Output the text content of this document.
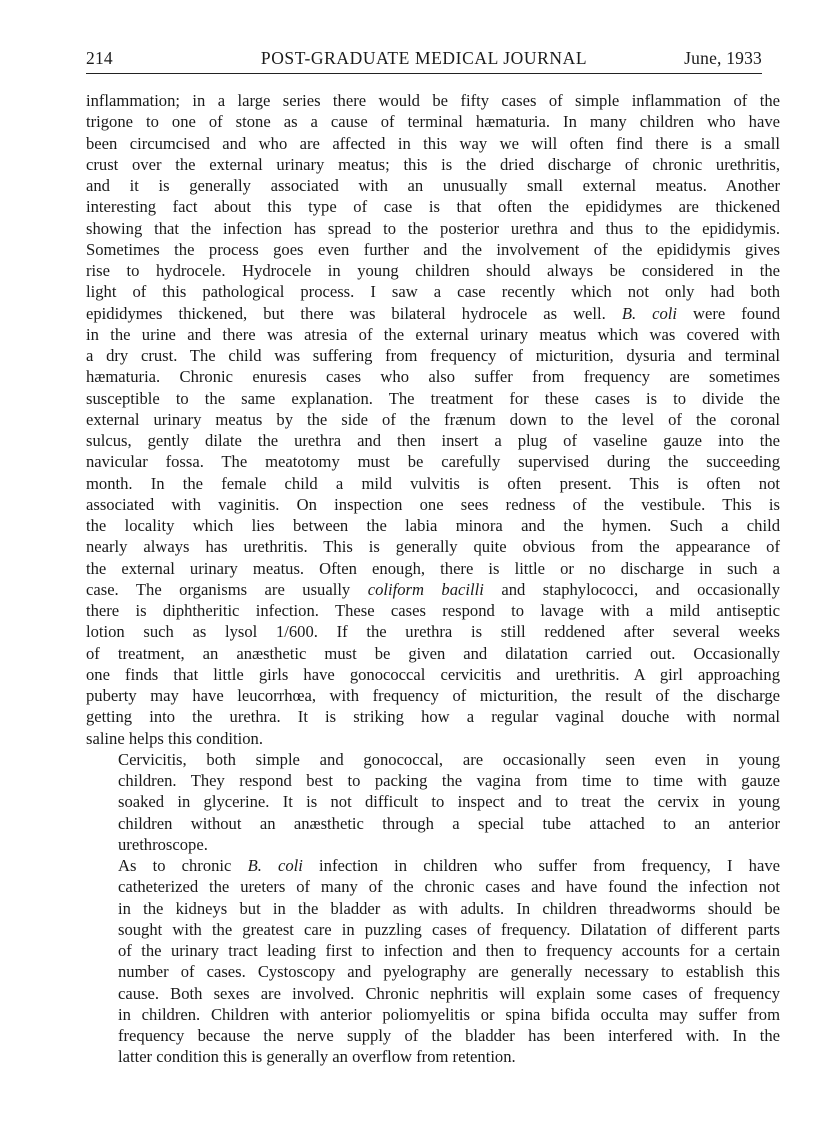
214	POST-GRADUATE MEDICAL JOURNAL	June, 1933

inflammation; in a large series there would be fifty cases of simple inflammation of the
trigone to one of stone as a cause of terminal hæmaturia. In many children who have
been circumcised and who are affected in this way we will often find there is a small
crust over the external urinary meatus; this is the dried discharge of chronic urethritis,
and it is generally associated with an unusually small external meatus. Another
interesting fact about this type of case is that often the epididymes are thickened
showing that the infection has spread to the posterior urethra and thus to the epididymis.
Sometimes the process goes even further and the involvement of the epididymis gives
rise to hydrocele. Hydrocele in young children should always be considered in the
light of this pathological process. I saw a case recently which not only had both
epididymes thickened, but there was bilateral hydrocele as well. B. coli were found
in the urine and there was atresia of the external urinary meatus which was covered with
a dry crust. The child was suffering from frequency of micturition, dysuria and terminal
hæmaturia. Chronic enuresis cases who also suffer from frequency are sometimes
susceptible to the same explanation. The treatment for these cases is to divide the
external urinary meatus by the side of the frænum down to the level of the coronal
sulcus, gently dilate the urethra and then insert a plug of vaseline gauze into the
navicular fossa. The meatotomy must be carefully supervised during the succeeding
month. In the female child a mild vulvitis is often present. This is often not
associated with vaginitis. On inspection one sees redness of the vestibule. This is
the locality which lies between the labia minora and the hymen. Such a child
nearly always has urethritis. This is generally quite obvious from the appearance of
the external urinary meatus. Often enough, there is little or no discharge in such a
case. The organisms are usually coliform bacilli and staphylococci, and occasionally
there is diphtheritic infection. These cases respond to lavage with a mild antiseptic
lotion such as lysol 1/600. If the urethra is still reddened after several weeks
of treatment, an anæsthetic must be given and dilatation carried out. Occasionally
one finds that little girls have gonococcal cervicitis and urethritis. A girl approaching
puberty may have leucorrhœa, with frequency of micturition, the result of the discharge
getting into the urethra. It is striking how a regular vaginal douche with normal
saline helps this condition.

Cervicitis, both simple and gonococcal, are occasionally seen even in young
children. They respond best to packing the vagina from time to time with gauze
soaked in glycerine. It is not difficult to inspect and to treat the cervix in young
children without an anæsthetic through a special tube attached to an anterior
urethroscope.

As to chronic B. coli infection in children who suffer from frequency, I have
catheterized the ureters of many of the chronic cases and have found the infection not
in the kidneys but in the bladder as with adults. In children threadworms should be
sought with the greatest care in puzzling cases of frequency. Dilatation of different parts
of the urinary tract leading first to infection and then to frequency accounts for a certain
number of cases. Cystoscopy and pyelography are generally necessary to establish this
cause. Both sexes are involved. Chronic nephritis will explain some cases of frequency
in children. Children with anterior poliomyelitis or spina bifida occulta may suffer from
frequency because the nerve supply of the bladder has been interfered with. In the
latter condition this is generally an overflow from retention.
